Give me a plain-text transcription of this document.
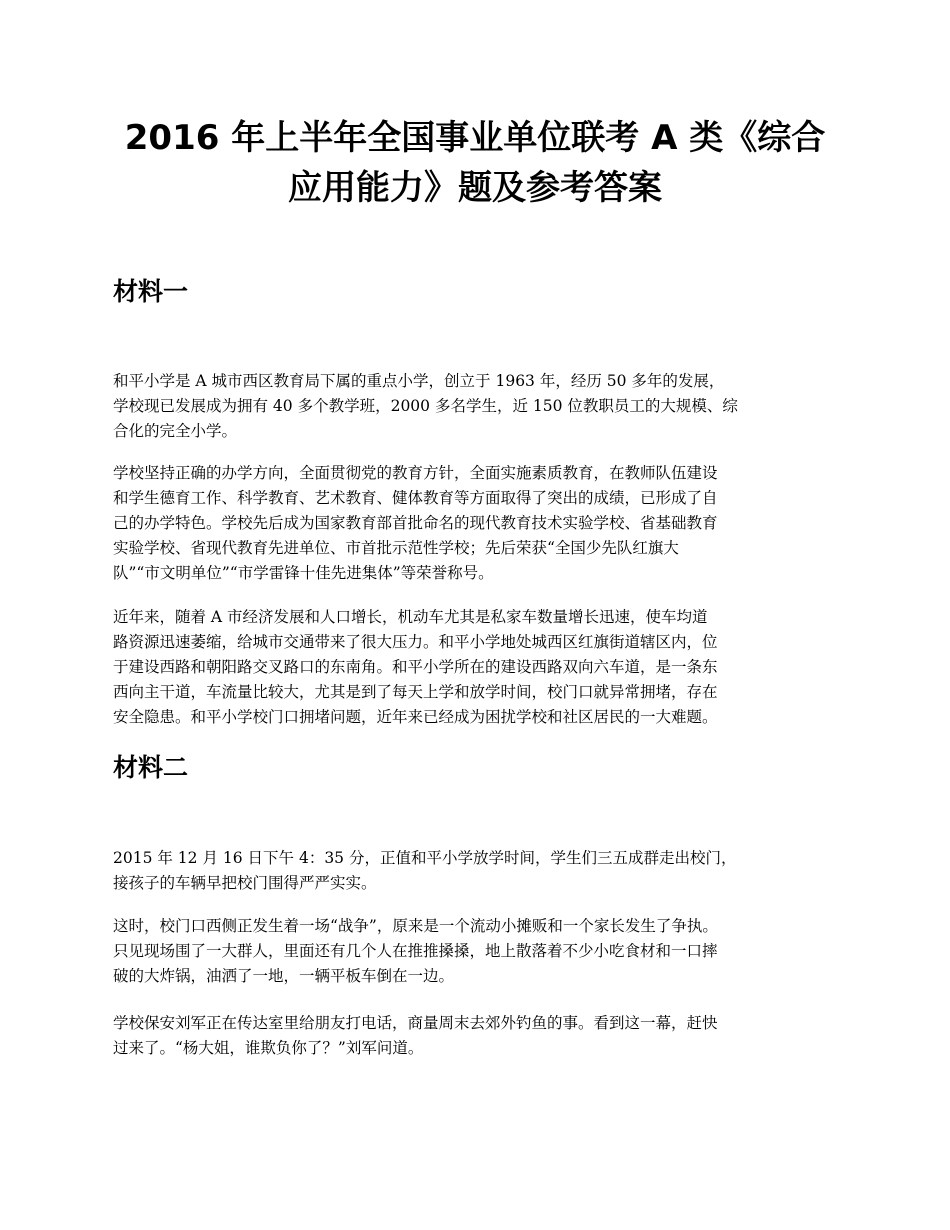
2016 年上半年全国事业单位联考 A 类《综合
应用能力》题及参考答案
材料一

和平小学是 A 城市西区教育局下属的重点小学，创立于 1963 年，经历 50 多年的发展，
学校现已发展成为拥有 40 多个教学班，2000 多名学生，近 150 位教职员工的大规模、综
合化的完全小学。

学校坚持正确的办学方向，全面贯彻党的教育方针，全面实施素质教育，在教师队伍建设
和学生德育工作、科学教育、艺术教育、健体教育等方面取得了突出的成绩，已形成了自
己的办学特色。学校先后成为国家教育部首批命名的现代教育技术实验学校、省基础教育
实验学校、省现代教育先进单位、市首批示范性学校；先后荣获“全国少先队红旗大
队”“市文明单位”“市学雷锋十佳先进集体”等荣誉称号。

近年来，随着 A 市经济发展和人口增长，机动车尤其是私家车数量增长迅速，使车均道
路资源迅速萎缩，给城市交通带来了很大压力。和平小学地处城西区红旗街道辖区内，位
于建设西路和朝阳路交叉路口的东南角。和平小学所在的建设西路双向六车道，是一条东
西向主干道，车流量比较大，尤其是到了每天上学和放学时间，校门口就异常拥堵，存在
安全隐患。和平小学校门口拥堵问题，近年来已经成为困扰学校和社区居民的一大难题。

材料二

2015 年 12 月 16 日下午 4：35 分，正值和平小学放学时间，学生们三五成群走出校门，
接孩子的车辆早把校门围得严严实实。

这时，校门口西侧正发生着一场“战争”，原来是一个流动小摊贩和一个家长发生了争执。
只见现场围了一大群人，里面还有几个人在推推搡搡，地上散落着不少小吃食材和一口摔
破的大炸锅，油洒了一地，一辆平板车倒在一边。

学校保安刘军正在传达室里给朋友打电话，商量周末去郊外钓鱼的事。看到这一幕，赶快
过来了。“杨大姐，谁欺负你了？”刘军问道。
